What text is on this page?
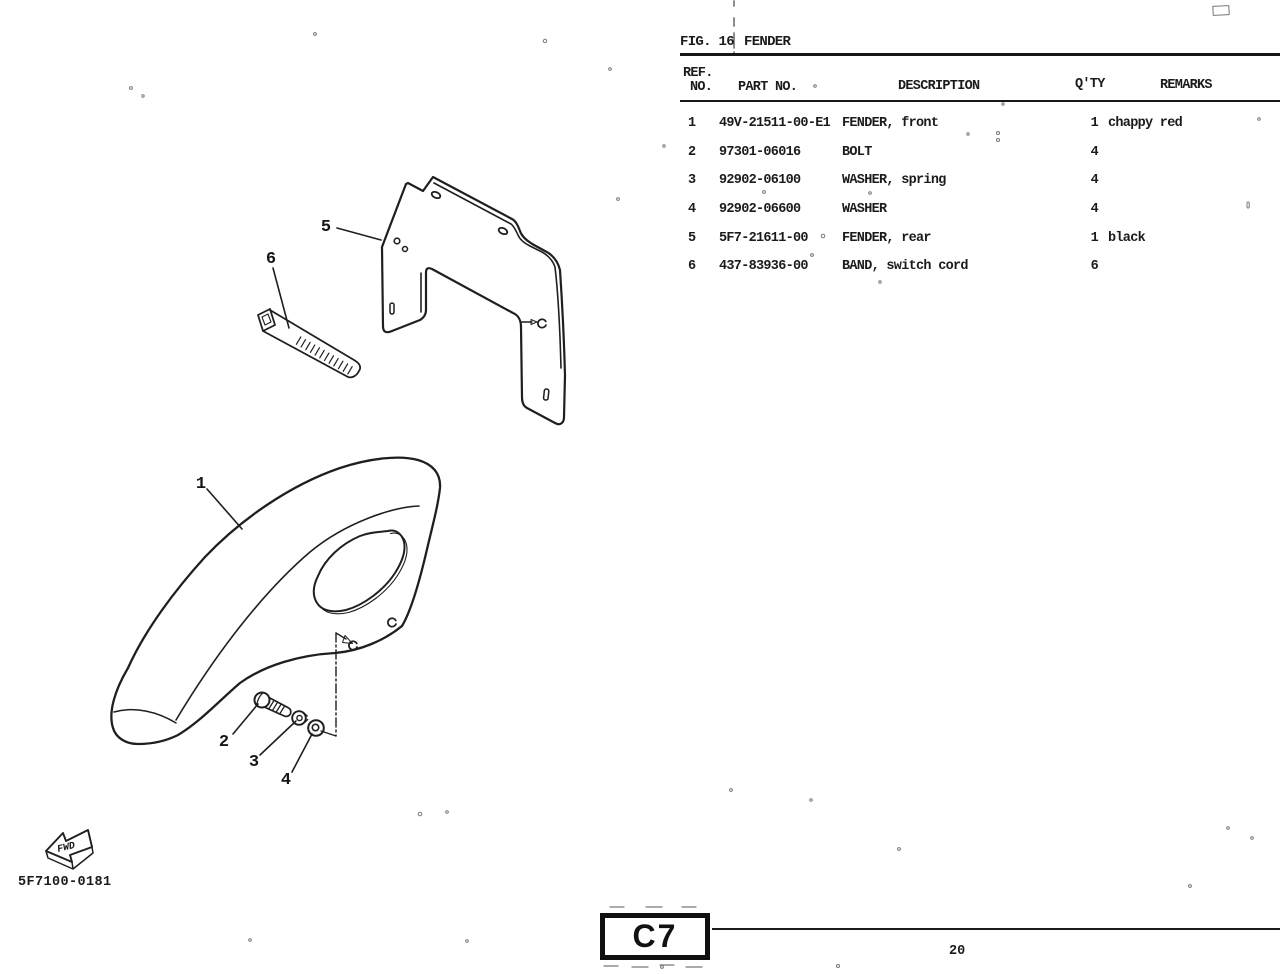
1
2
3
4
5
6
FWD
FIG. 16 FENDER
REF.
NO. PART NO.	DESCRIPTION	Q'TY	REMARKS
1 49V-21511-00-E1 FENDER, front	1 chappy red
2 97301-06016	BOLT	4
3 92902-06100	WASHER, spring	4
4 92902-06600	WASHER	4
5 5F7-21611-00	FENDER, rear	1 black
6 437-83936-00	BAND, switch cord	6
5F7100-0181
C7	20
